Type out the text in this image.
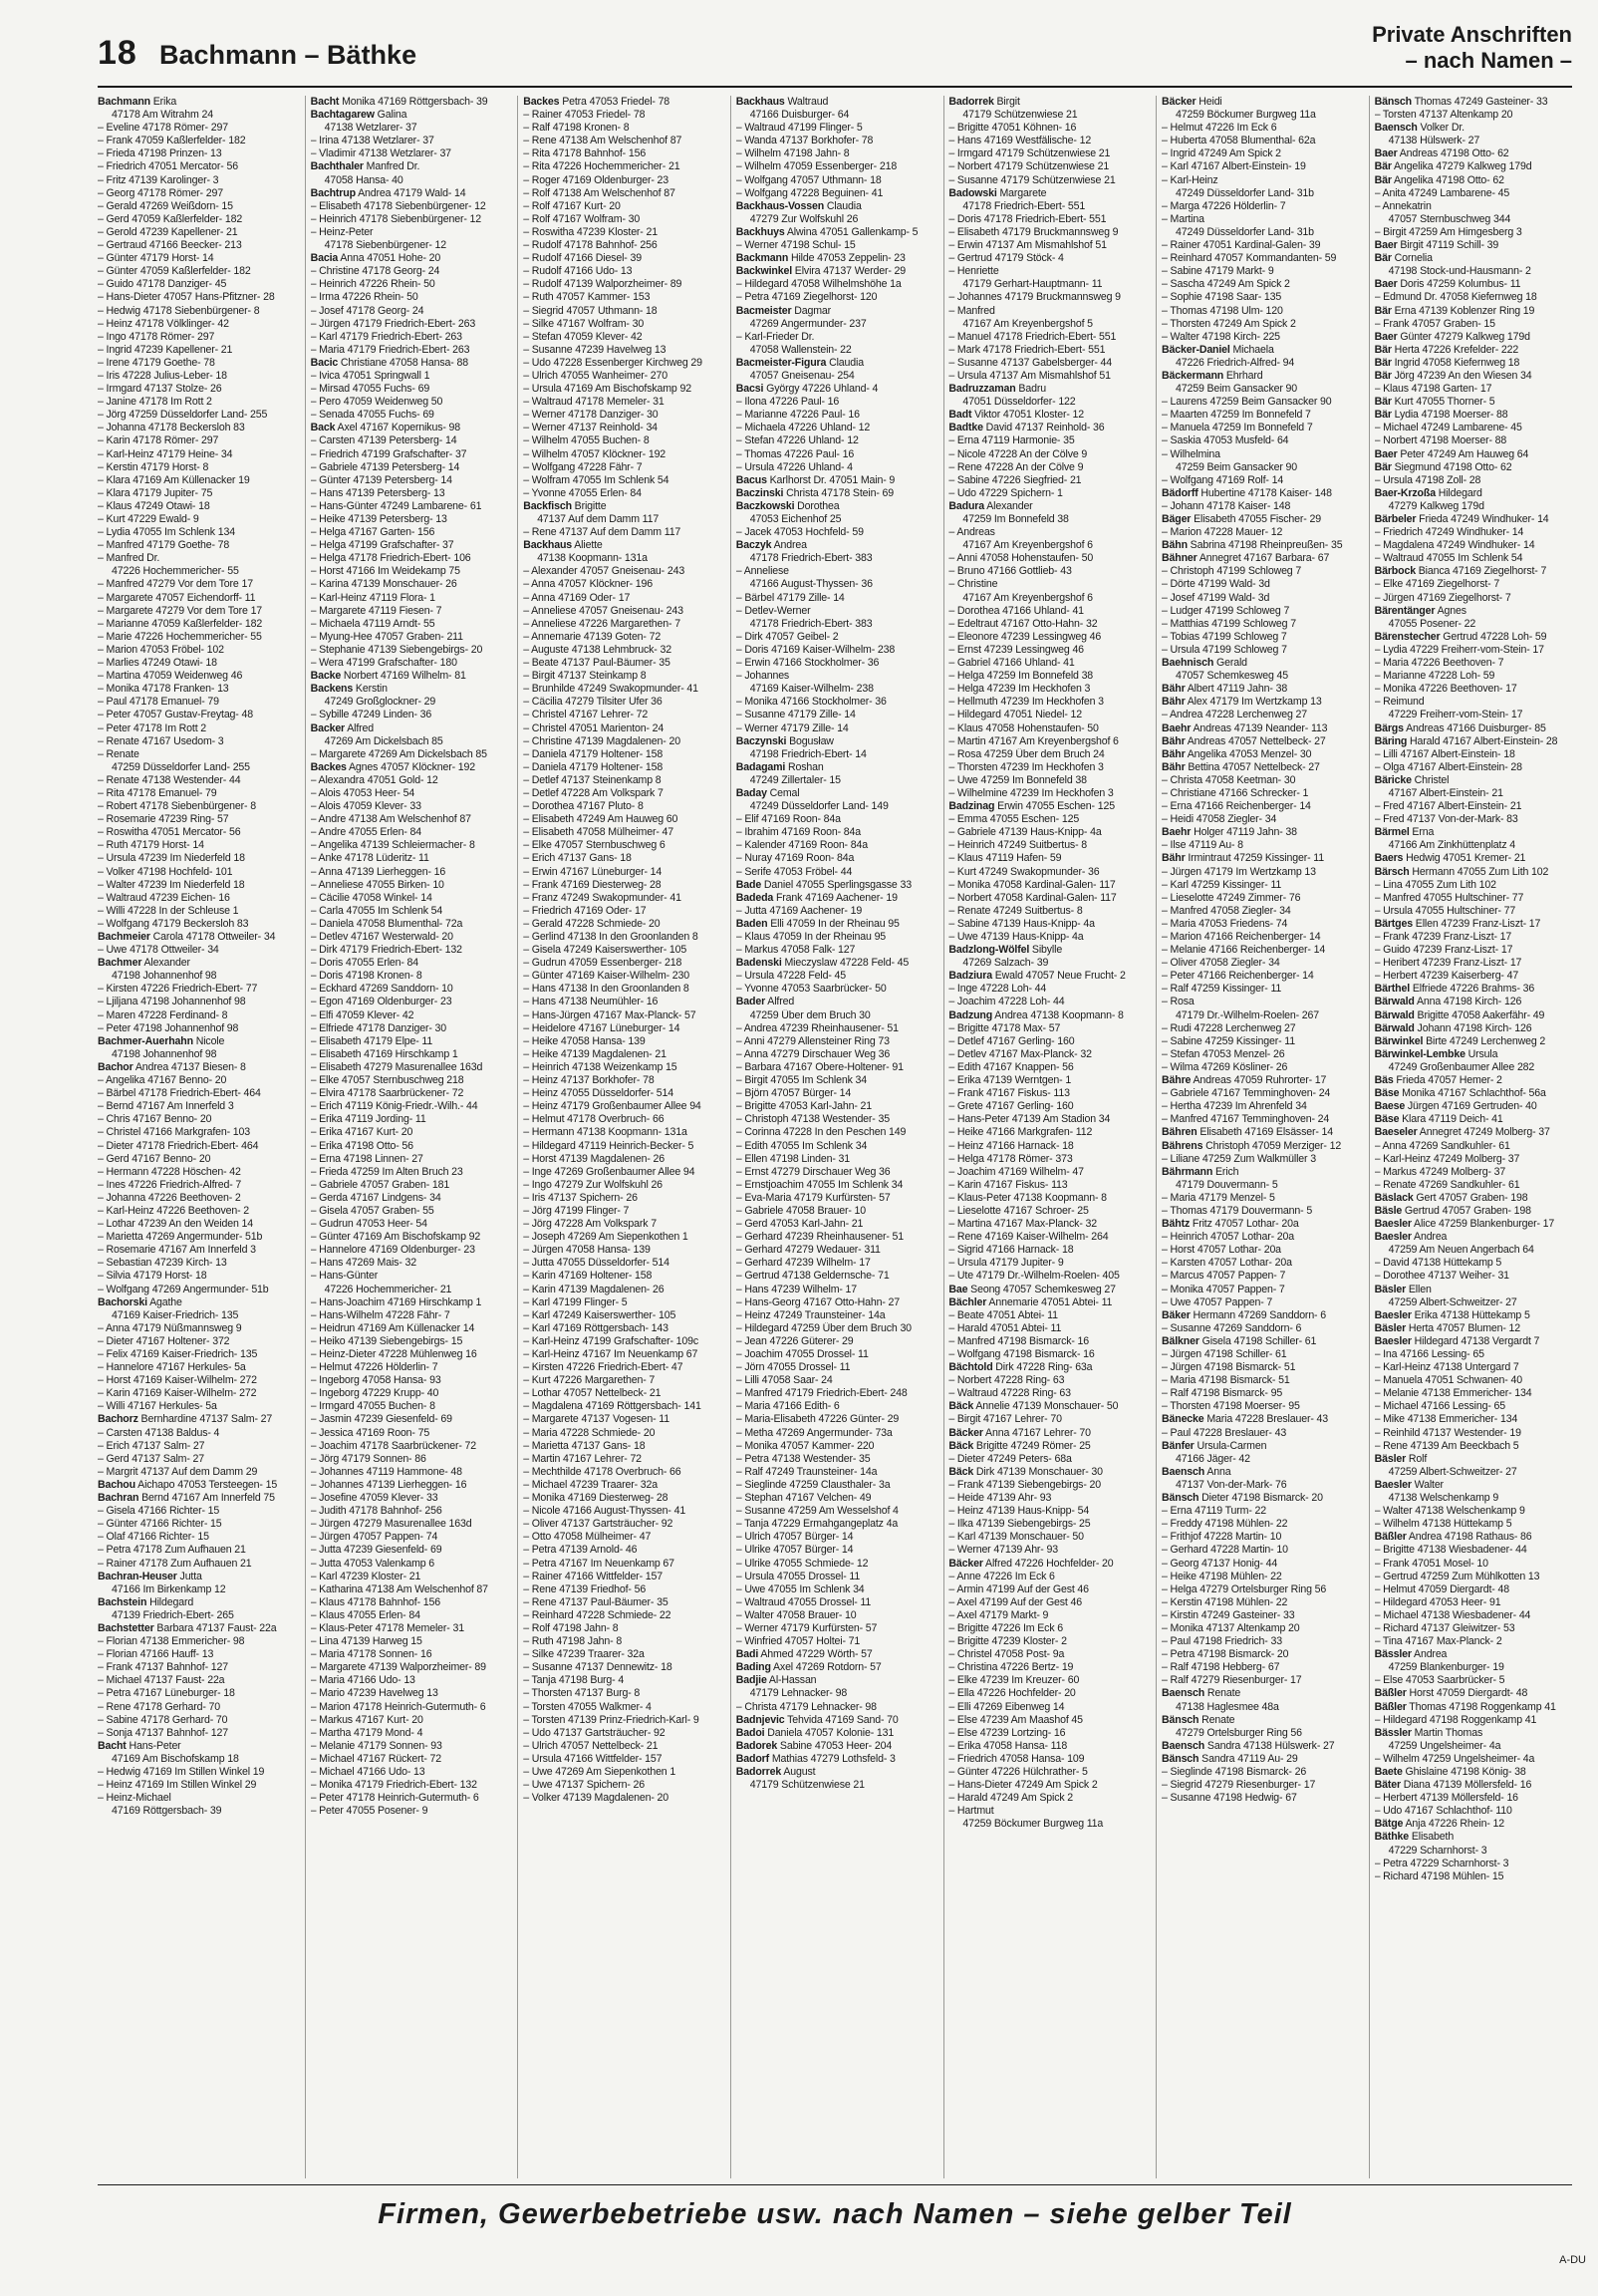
18 Bachmann – Bäthke
Private Anschriften
– nach Namen –
Bachmann Erika
47178 Am Witrahm 24
– Eveline 47178 Römer- 297
– Frank 47059 Kaßlerfelder- 182
– Frieda 47198 Prinzen- 13
– Friedrich 47051 Mercator- 56
– Fritz 47139 Karolinger- 3
– Georg 47178 Römer- 297
– Gerald 47269 Weißdorn- 15
– Gerd 47059 Kaßlerfelder- 182
– Gerold 47239 Kapellener- 21
– Gertraud 47166 Beecker- 213
– Günter 47179 Horst- 14
– Günter 47059 Kaßlerfelder- 182
– Guido 47178 Danziger- 45
– Hans-Dieter 47057 Hans-Pfitzner- 28
– Hedwig 47178 Siebenbürgener- 8
– Heinz 47178 Völklinger- 42
– Ingo 47178 Römer- 297
– Ingrid 47239 Kapellener- 21
– Irene 47179 Goethe- 78
– Iris 47228 Julius-Leber- 18
– Irmgard 47137 Stolze- 26
– Janine 47178 Im Rott 2
– Jörg 47259 Düsseldorfer Land- 255
– Johanna 47178 Beckersloh 83
– Karin 47178 Römer- 297
– Karl-Heinz 47179 Heine- 34
– Kerstin 47179 Horst- 8
– Klara 47169 Am Küllenacker 19
– Klara 47179 Jupiter- 75
– Klaus 47249 Otawi- 18
– Kurt 47229 Ewald- 9
– Lydia 47055 Im Schlenk 134
– Manfred 47179 Goethe- 78
– Manfred Dr.
47226 Hochemmericher- 55
– Manfred 47279 Vor dem Tore 17
– Margarete 47057 Eichendorff- 11
– Margarete 47279 Vor dem Tore 17
– Marianne 47059 Kaßlerfelder- 182
– Marie 47226 Hochemmericher- 55
– Marion 47053 Fröbel- 102
– Marlies 47249 Otawi- 18
– Martina 47059 Weidenweg 46
– Monika 47178 Franken- 13
– Paul 47178 Emanuel- 79
– Peter 47057 Gustav-Freytag- 48
– Peter 47178 Im Rott 2
– Renate 47167 Usedom- 3
– Renate
47259 Düsseldorfer Land- 255
– Renate 47138 Westender- 44
– Rita 47178 Emanuel- 79
– Robert 47178 Siebenbürgener- 8
– Rosemarie 47239 Ring- 57
– Roswitha 47051 Mercator- 56
– Ruth 47179 Horst- 14
– Ursula 47239 Im Niederfeld 18
– Volker 47198 Hochfeld- 101
– Walter 47239 Im Niederfeld 18
– Waltraud 47239 Eichen- 16
– Willi 47228 In der Schleuse 1
– Wolfgang 47179 Beckersloh 83
Bachmeier Carola 47178 Ottweiler- 34
– Uwe 47178 Ottweiler- 34
Bachmer Alexander
47198 Johannenhof 98
– Kirsten 47226 Friedrich-Ebert- 77
– Ljiljana 47198 Johannenhof 98
– Maren 47228 Ferdinand- 8
– Peter 47198 Johannenhof 98
Bachmer-Auerhahn Nicole
47198 Johannenhof 98
Bachor Andrea 47137 Biesen- 8
– Angelika 47167 Benno- 20
– Bärbel 47178 Friedrich-Ebert- 464
– Bernd 47167 Am Innerfeld 3
– Chris 47167 Benno- 20
– Christel 47166 Markgrafen- 103
– Dieter 47178 Friedrich-Ebert- 464
– Gerd 47167 Benno- 20
– Hermann 47228 Höschen- 42
– Ines 47226 Friedrich-Alfred- 7
– Johanna 47226 Beethoven- 2
– Karl-Heinz 47226 Beethoven- 2
– Lothar 47239 An den Weiden 14
– Marietta 47269 Angermunder- 51b
– Rosemarie 47167 Am Innerfeld 3
– Sebastian 47239 Kirch- 13
– Silvia 47179 Horst- 18
– Wolfgang 47269 Angermunder- 51b
Bachorski Agathe
47169 Kaiser-Friedrich- 135
– Anna 47179 Nüßmannsweg 9
– Dieter 47167 Holtener- 372
– Felix 47169 Kaiser-Friedrich- 135
– Hannelore 47167 Herkules- 5a
– Horst 47169 Kaiser-Wilhelm- 272
– Karin 47169 Kaiser-Wilhelm- 272
– Willi 47167 Herkules- 5a
Bachorz Bernhardine 47137 Salm- 27
– Carsten 47138 Baldus- 4
– Erich 47137 Salm- 27
– Gerd 47137 Salm- 27
– Margrit 47137 Auf dem Damm 29
Bachou Aichapo 47053 Tersteegen- 15
Bachran Bernd 47167 Am Innerfeld 75
– Gisela 47166 Richter- 15
– Günter 47166 Richter- 15
– Olaf 47166 Richter- 15
– Petra 47178 Zum Aufhauen 21
– Rainer 47178 Zum Aufhauen 21
Bachran-Heuser Jutta
47166 Im Birkenkamp 12
Bachstein Hildegard
47139 Friedrich-Ebert- 265
Bachstetter Barbara 47137 Faust- 22a
– Florian 47138 Emmericher- 98
– Florian 47166 Hauff- 13
– Frank 47137 Bahnhof- 127
– Michael 47137 Faust- 22a
– Petra 47167 Lüneburger- 18
– Rene 47178 Gerhard- 70
– Sabine 47178 Gerhard- 70
– Sonja 47137 Bahnhof- 127
Bacht Hans-Peter
47169 Am Bischofskamp 18
– Hedwig 47169 Im Stillen Winkel 19
– Heinz 47169 Im Stillen Winkel 29
– Heinz-Michael
47169 Röttgersbach- 39
Bacht Monika 47169 Röttgersbach- 39
Bachtagarew Galina
47138 Wetzlarer- 37
– Irina 47138 Wetzlarer- 37
– Vladimir 47138 Wetzlarer- 37
Bachthaler Manfred Dr.
47058 Hansa- 40
Bachtrup Andrea 47179 Wald- 14
– Elisabeth 47178 Siebenbürgener- 12
– Heinrich 47178 Siebenbürgener- 12
– Heinz-Peter
47178 Siebenbürgener- 12
Bacia Anna 47051 Hohe- 20
– Christine 47178 Georg- 24
– Heinrich 47226 Rhein- 50
– Irma 47226 Rhein- 50
– Josef 47178 Georg- 24
– Jürgen 47179 Friedrich-Ebert- 263
– Karl 47179 Friedrich-Ebert- 263
– Maria 47179 Friedrich-Ebert- 263
Bacic Christiane 47058 Hansa- 88
– Ivica 47051 Springwall 1
– Mirsad 47055 Fuchs- 69
– Pero 47059 Weidenweg 50
– Senada 47055 Fuchs- 69
Back Axel 47167 Kopernikus- 98
– Carsten 47139 Petersberg- 14
– Friedrich 47199 Grafschafter- 37
– Gabriele 47139 Petersberg- 14
– Günter 47139 Petersberg- 14
– Hans 47139 Petersberg- 13
– Hans-Günter 47249 Lambarene- 61
– Heike 47139 Petersberg- 13
– Helga 47167 Garten- 156
– Helga 47199 Grafschafter- 37
– Helga 47178 Friedrich-Ebert- 106
– Horst 47166 Im Weidekamp 75
– Karina 47139 Monschauer- 26
– Karl-Heinz 47119 Flora- 1
– Margarete 47119 Fiesen- 7
– Michaela 47119 Arndt- 55
– Myung-Hee 47057 Graben- 211
– Stephanie 47139 Siebengebirgs- 20
– Wera 47199 Grafschafter- 180
Backe Norbert 47169 Wilhelm- 81
Backens Kerstin
47249 Großglockner- 29
– Sybille 47249 Linden- 36
Backer Alfred
47269 Am Dickelsbach 85
– Margarete 47269 Am Dickelsbach 85
Backes Agnes 47057 Klöckner- 192
– Alexandra 47051 Gold- 12
– Alois 47053 Heer- 54
– Alois 47059 Klever- 33
– Andre 47138 Am Welschenhof 87
– Andre 47055 Erlen- 84
– Angelika 47139 Schleiermacher- 8
– Anke 47178 Lüderitz- 11
– Anna 47139 Lierheggen- 16
– Anneliese 47055 Birken- 10
– Cäcilie 47058 Winkel- 14
– Carla 47055 Im Schlenk 54
– Daniela 47058 Blumenthal- 72a
– Detlev 47167 Westerwald- 20
– Dirk 47179 Friedrich-Ebert- 132
– Doris 47055 Erlen- 84
– Doris 47198 Kronen- 8
– Eckhard 47269 Sanddorn- 10
– Egon 47169 Oldenburger- 23
– Elfi 47059 Klever- 42
– Elfriede 47178 Danziger- 30
– Elisabeth 47179 Elpe- 11
– Elisabeth 47169 Hirschkamp 1
– Elisabeth 47279 Masurenallee 163d
– Elke 47057 Sternbuschweg 218
– Elvira 47178 Saarbrückener- 72
– Erich 47119 König-Friedr.-Wilh.- 44
– Erika 47119 Jording- 11
– Erika 47167 Kurt- 20
– Erika 47198 Otto- 56
– Erna 47198 Linnen- 27
– Frieda 47259 Im Alten Bruch 23
– Gabriele 47057 Graben- 181
– Gerda 47167 Lindgens- 34
– Gisela 47057 Graben- 55
– Gudrun 47053 Heer- 54
– Günter 47169 Am Bischofskamp 92
– Hannelore 47169 Oldenburger- 23
– Hans 47269 Mais- 32
– Hans-Günter
47226 Hochemmericher- 21
– Hans-Joachim 47169 Hirschkamp 1
– Hans-Wilhelm 47228 Fähr- 7
– Heidrun 47169 Am Küllenacker 14
– Heiko 47139 Siebengebirgs- 15
– Heinz-Dieter 47228 Mühlenweg 16
– Helmut 47226 Hölderlin- 7
– Ingeborg 47058 Hansa- 93
– Ingeborg 47229 Krupp- 40
– Irmgard 47055 Buchen- 8
– Jasmin 47239 Giesenfeld- 69
– Jessica 47169 Roon- 75
– Joachim 47178 Saarbrückener- 72
– Jörg 47179 Sonnen- 86
– Johannes 47119 Hammone- 48
– Johannes 47139 Lierheggen- 16
– Josefine 47059 Klever- 33
– Judith 47178 Bahnhof- 256
– Jürgen 47279 Masurenallee 163d
– Jürgen 47057 Pappen- 74
– Jutta 47239 Giesenfeld- 69
– Jutta 47053 Valenkamp 6
– Karl 47239 Kloster- 21
– Katharina 47138 Am Welschenhof 87
– Klaus 47178 Bahnhof- 156
– Klaus 47055 Erlen- 84
– Klaus-Peter 47178 Memeler- 31
– Lina 47139 Harweg 15
– Maria 47178 Sonnen- 16
– Margarete 47139 Walporzheimer- 89
– Maria 47166 Udo- 13
– Mario 47239 Havelweg 13
– Marion 47178 Heinrich-Gutermuth- 6
– Markus 47167 Kurt- 20
– Martha 47179 Mond- 4
– Melanie 47179 Sonnen- 93
– Michael 47167 Rückert- 72
– Michael 47166 Udo- 13
– Monika 47179 Friedrich-Ebert- 132
– Peter 47178 Heinrich-Gutermuth- 6
– Peter 47055 Posener- 9
Backes Petra 47053 Friedel- 78
– Rainer 47053 Friedel- 78
– Ralf 47198 Kronen- 8
– Rene 47138 Am Welschenhof 87
– Rita 47178 Bahnhof- 156
– Rita 47226 Hochemmericher- 21
– Roger 47169 Oldenburger- 23
– Rolf 47138 Am Welschenhof 87
– Rolf 47167 Kurt- 20
– Rolf 47167 Wolfram- 30
– Roswitha 47239 Kloster- 21
– Rudolf 47178 Bahnhof- 256
– Rudolf 47166 Diesel- 39
– Rudolf 47166 Udo- 13
– Rudolf 47139 Walporzheimer- 89
– Ruth 47057 Kammer- 153
– Siegrid 47057 Uthmann- 18
– Silke 47167 Wolfram- 30
– Stefan 47059 Klever- 42
– Susanne 47239 Havelweg 13
– Udo 47228 Essenberger Kirchweg 29
– Ulrich 47055 Wanheimer- 270
– Ursula 47169 Am Bischofskamp 92
– Waltraud 47178 Memeler- 31
– Werner 47178 Danziger- 30
– Werner 47137 Reinhold- 34
– Wilhelm 47055 Buchen- 8
– Wilhelm 47057 Klöckner- 192
– Wolfgang 47228 Fähr- 7
– Wolfram 47055 Im Schlenk 54
– Yvonne 47055 Erlen- 84
Backfisch Brigitte
47137 Auf dem Damm 117
– Rene 47137 Auf dem Damm 117
Backhaus Aliette
47138 Koopmann- 131a
– Alexander 47057 Gneisenau- 243
– Anna 47057 Klöckner- 196
– Anna 47169 Oder- 17
– Anneliese 47057 Gneisenau- 243
– Anneliese 47226 Margarethen- 7
– Annemarie 47139 Goten- 72
– Auguste 47138 Lehmbruck- 32
– Beate 47137 Paul-Bäumer- 35
– Birgit 47137 Steinkamp 8
– Brunhilde 47249 Swakopmunder- 41
– Cäcilia 47279 Tilsiter Ufer 36
– Christel 47167 Lehrer- 72
– Christel 47051 Marienton- 24
– Christine 47139 Magdalenen- 20
– Daniela 47179 Holtener- 158
– Daniela 47179 Holtener- 158
– Detlef 47137 Steinenkamp 8
– Detlef 47228 Am Volkspark 7
– Dorothea 47167 Pluto- 8
– Elisabeth 47249 Am Hauweg 60
– Elisabeth 47058 Mülheimer- 47
– Elke 47057 Sternbuschweg 6
– Erich 47137 Gans- 18
– Erwin 47167 Lüneburger- 14
– Frank 47169 Diesterweg- 28
– Franz 47249 Swakopmunder- 41
– Friedrich 47169 Oder- 17
– Gerald 47228 Schmiede- 20
– Gerlind 47138 In den Groonlanden 8
– Gisela 47249 Kaiserswerther- 105
– Gudrun 47059 Essenberger- 218
– Günter 47169 Kaiser-Wilhelm- 230
– Hans 47138 In den Groonlanden 8
– Hans 47138 Neumühler- 16
– Hans-Jürgen 47167 Max-Planck- 57
– Heidelore 47167 Lüneburger- 14
– Heike 47058 Hansa- 139
– Heike 47139 Magdalenen- 21
– Heinrich 47138 Weizenkamp 15
– Heinz 47137 Borkhofer- 78
– Heinz 47055 Düsseldorfer- 514
– Heinz 47179 Großenbaumer Allee 94
– Helmut 47178 Overbruch- 66
– Hermann 47138 Koopmann- 131a
– Hildegard 47119 Heinrich-Becker- 5
– Horst 47139 Magdalenen- 26
– Inge 47269 Großenbaumer Allee 94
– Ingo 47279 Zur Wolfskuhl 26
– Iris 47137 Spichern- 26
– Jörg 47199 Flinger- 7
– Jörg 47228 Am Volkspark 7
– Joseph 47269 Am Siepenkothen 1
– Jürgen 47058 Hansa- 139
– Jutta 47055 Düsseldorfer- 514
– Karin 47169 Holtener- 158
– Karin 47139 Magdalenen- 26
– Karl 47199 Flinger- 5
– Karl 47249 Kaiserswerther- 105
– Karl 47169 Röttgersbach- 143
– Karl-Heinz 47199 Grafschafter- 109c
– Karl-Heinz 47167 Im Neuenkamp 67
– Kirsten 47226 Friedrich-Ebert- 47
– Kurt 47226 Margarethen- 7
– Lothar 47057 Nettelbeck- 21
– Magdalena 47169 Röttgersbach- 141
– Margarete 47137 Vogesen- 11
– Maria 47228 Schmiede- 20
– Marietta 47137 Gans- 18
– Martin 47167 Lehrer- 72
– Mechthilde 47178 Overbruch- 66
– Michael 47239 Traarer- 32a
– Monika 47169 Diesterweg- 28
– Nicole 47166 August-Thyssen- 41
– Oliver 47137 Gartsträucher- 92
– Otto 47058 Mülheimer- 47
– Petra 47139 Arnold- 46
– Petra 47167 Im Neuenkamp 67
– Rainer 47166 Wittfelder- 157
– Rene 47139 Friedhof- 56
– Rene 47137 Paul-Bäumer- 35
– Reinhard 47228 Schmiede- 22
– Rolf 47198 Jahn- 8
– Ruth 47198 Jahn- 8
– Silke 47239 Traarer- 32a
– Susanne 47137 Dennewitz- 18
– Tanja 47198 Burg- 4
– Thorsten 47137 Burg- 8
– Torsten 47055 Walkmer- 4
– Torsten 47139 Prinz-Friedrich-Karl- 9
– Udo 47137 Gartsträucher- 92
– Ulrich 47057 Nettelbeck- 21
– Ursula 47166 Wittfelder- 157
– Uwe 47269 Am Siepenkothen 1
– Uwe 47137 Spichern- 26
– Volker 47139 Magdalenen- 20
Backhaus Waltraud
47166 Duisburger- 64
– Waltraud 47199 Flinger- 5
– Wanda 47137 Borkhofer- 78
– Wilhelm 47198 Jahn- 8
– Wilhelm 47059 Essenberger- 218
– Wolfgang 47057 Uthmann- 18
– Wolfgang 47228 Beguinen- 41
Backhaus-Vossen Claudia
47279 Zur Wolfskuhl 26
Backhuys Alwina 47051 Gallenkamp- 5
– Werner 47198 Schul- 15
Backmann Hilde 47053 Zeppelin- 23
Backwinkel Elvira 47137 Werder- 29
– Hildegard 47058 Wilhelmshöhe 1a
– Petra 47169 Ziegelhorst- 120
Bacmeister Dagmar
47269 Angermunder- 237
– Karl-Frieder Dr.
47058 Wallenstein- 22
Bacmeister-Figura Claudia
47057 Gneisenau- 254
Bacsi György 47226 Uhland- 4
– Ilona 47226 Paul- 16
– Marianne 47226 Paul- 16
– Michaela 47226 Uhland- 12
– Stefan 47226 Uhland- 12
– Thomas 47226 Paul- 16
– Ursula 47226 Uhland- 4
Bacus Karlhorst Dr. 47051 Main- 9
Baczinski Christa 47178 Stein- 69
Baczkowski Dorothea
47053 Eichenhof 25
– Jacek 47053 Hochfeld- 59
Baczyk Andrea
47178 Friedrich-Ebert- 383
– Anneliese
47166 August-Thyssen- 36
– Bärbel 47179 Zille- 14
– Detlev-Werner
47178 Friedrich-Ebert- 383
– Dirk 47057 Geibel- 2
– Doris 47169 Kaiser-Wilhelm- 238
– Erwin 47166 Stockholmer- 36
– Johannes
47169 Kaiser-Wilhelm- 238
– Monika 47166 Stockholmer- 36
– Susanne 47179 Zille- 14
– Werner 47179 Zille- 14
Baczynski Bogusław
47198 Friedrich-Ebert- 14
Badagami Roshan
47249 Zillertaler- 15
Baday Cemal
47249 Düsseldorfer Land- 149
– Elif 47169 Roon- 84a
– Ibrahim 47169 Roon- 84a
– Kalender 47169 Roon- 84a
– Nuray 47169 Roon- 84a
– Serife 47053 Fröbel- 44
Bade Daniel 47055 Sperlingsgasse 33
Badeda Frank 47169 Aachener- 19
– Jutta 47169 Aachener- 19
Baden Elli 47059 In der Rheinau 95
– Klaus 47059 In der Rheinau 95
– Markus 47058 Falk- 127
Badenski Mieczyslaw 47228 Feld- 45
– Ursula 47228 Feld- 45
– Yvonne 47053 Saarbrücker- 50
Bader Alfred
47259 Über dem Bruch 30
– Andrea 47239 Rheinhausener- 51
– Anni 47279 Allensteiner Ring 73
– Anna 47279 Dirschauer Weg 36
– Barbara 47167 Obere-Holtener- 91
– Birgit 47055 Im Schlenk 34
– Björn 47057 Bürger- 14
– Brigitte 47053 Karl-Jahn- 21
– Christoph 47138 Westender- 35
– Corinna 47228 In den Peschen 149
– Edith 47055 Im Schlenk 34
– Ellen 47198 Linden- 31
– Ernst 47279 Dirschauer Weg 36
– Ernstjoachim 47055 Im Schlenk 34
– Eva-Maria 47179 Kurfürsten- 57
– Gabriele 47058 Brauer- 10
– Gerd 47053 Karl-Jahn- 21
– Gerhard 47239 Rheinhausener- 51
– Gerhard 47279 Wedauer- 311
– Gerhard 47239 Wilhelm- 17
– Gertrud 47138 Geldernsche- 71
– Hans 47239 Wilhelm- 17
– Hans-Georg 47167 Otto-Hahn- 27
– Heinz 47249 Traunsteiner- 14a
– Hildegard 47259 Über dem Bruch 30
– Jean 47226 Güterer- 29
– Joachim 47055 Drossel- 11
– Jörn 47055 Drossel- 11
– Lilli 47058 Saar- 24
– Manfred 47179 Friedrich-Ebert- 248
– Maria 47166 Edith- 6
– Maria-Elisabeth 47226 Günter- 29
– Metha 47269 Angermunder- 73a
– Monika 47057 Kammer- 220
– Petra 47138 Westender- 35
– Ralf 47249 Traunsteiner- 14a
– Sieglinde 47259 Clausthaler- 3a
– Stephan 47167 Velchen- 49
– Susanne 47259 Am Wesselshof 4
– Tanja 47229 Ermahgangeplatz 4a
– Ulrich 47057 Bürger- 14
– Ulrike 47057 Bürger- 14
– Ulrike 47055 Schmiede- 12
– Ursula 47055 Drossel- 11
– Uwe 47055 Im Schlenk 34
– Waltraud 47055 Drossel- 11
– Walter 47058 Brauer- 10
– Werner 47179 Kurfürsten- 57
– Winfried 47057 Holtei- 71
Badi Ahmed 47229 Wörth- 57
Bading Axel 47269 Rotdorn- 57
Badjie Al-Hassan
47179 Lehnacker- 98
– Christa 47179 Lehnacker- 98
Badnjevic Tehvida 47169 Sand- 70
Badoi Daniela 47057 Kolonie- 131
Badorek Sabine 47053 Heer- 204
Badorf Mathias 47279 Lothsfeld- 3
Badorrek August
47179 Schützenwiese 21
Badorrek Birgit
47179 Schützenwiese 21
– Brigitte 47051 Köhnen- 16
– Hans 47169 Westfälische- 12
– Irmgard 47179 Schützenwiese 21
– Norbert 47179 Schützenwiese 21
– Susanne 47179 Schützenwiese 21
Badowski Margarete
47178 Friedrich-Ebert- 551
– Doris 47178 Friedrich-Ebert- 551
– Elisabeth 47179 Bruckmannsweg 9
– Erwin 47137 Am Mismahlshof 51
– Gertrud 47179 Stöck- 4
– Henriette
47179 Gerhart-Hauptmann- 11
– Johannes 47179 Bruckmannsweg 9
– Manfred
47167 Am Kreyenbergshof 5
– Manuel 47178 Friedrich-Ebert- 551
– Mark 47178 Friedrich-Ebert- 551
– Susanne 47137 Gabelsberger- 44
– Ursula 47137 Am Mismahlshof 51
Badruzzaman Badru
47051 Düsseldorfer- 122
Badt Viktor 47051 Kloster- 12
Badtke David 47137 Reinhold- 36
– Erna 47119 Harmonie- 35
– Nicole 47228 An der Cölve 9
– Rene 47228 An der Cölve 9
– Sabine 47226 Siegfried- 21
– Udo 47229 Spichern- 1
Badura Alexander
47259 Im Bonnefeld 38
– Andreas
47167 Am Kreyenbergshof 6
– Anni 47058 Hohenstaufen- 50
– Bruno 47166 Gottlieb- 43
– Christine
47167 Am Kreyenbergshof 6
– Dorothea 47166 Uhland- 41
– Edeltraut 47167 Otto-Hahn- 32
– Eleonore 47239 Lessingweg 46
– Ernst 47239 Lessingweg 46
– Gabriel 47166 Uhland- 41
– Helga 47259 Im Bonnefeld 38
– Helga 47239 Im Heckhofen 3
– Hellmuth 47239 Im Heckhofen 3
– Hildegard 47051 Niedel- 12
– Klaus 47058 Hohenstaufen- 50
– Martin 47167 Am Kreyenbergshof 6
– Rosa 47259 Über dem Bruch 24
– Thorsten 47239 Im Heckhofen 3
– Uwe 47259 Im Bonnefeld 38
– Wilhelmine 47239 Im Heckhofen 3
Badzinag Erwin 47055 Eschen- 125
– Emma 47055 Eschen- 125
– Gabriele 47139 Haus-Knipp- 4a
– Heinrich 47249 Suitbertus- 8
– Klaus 47119 Hafen- 59
– Kurt 47249 Swakopmunder- 36
– Monika 47058 Kardinal-Galen- 117
– Norbert 47058 Kardinal-Galen- 117
– Renate 47249 Suitbertus- 8
– Sabine 47139 Haus-Knipp- 4a
– Uwe 47139 Haus-Knipp- 4a
Badzlong-Wölfel Sibylle
47269 Salzach- 39
Badziura Ewald 47057 Neue Frucht- 2
– Inge 47228 Loh- 44
– Joachim 47228 Loh- 44
Badzung Andrea 47138 Koopmann- 8
– Brigitte 47178 Max- 57
– Detlef 47167 Gerling- 160
– Detlev 47167 Max-Planck- 32
– Edith 47167 Knappen- 56
– Erika 47139 Werntgen- 1
– Frank 47167 Fiskus- 113
– Grete 47167 Gerling- 160
– Hans-Peter 47139 Am Stadion 34
– Heike 47166 Markgrafen- 112
– Heinz 47166 Harnack- 18
– Helga 47178 Römer- 373
– Joachim 47169 Wilhelm- 47
– Karin 47167 Fiskus- 113
– Klaus-Peter 47138 Koopmann- 8
– Lieselotte 47167 Schroer- 25
– Martina 47167 Max-Planck- 32
– Rene 47169 Kaiser-Wilhelm- 264
– Sigrid 47166 Harnack- 18
– Ursula 47179 Jupiter- 9
– Ute 47179 Dr.-Wilhelm-Roelen- 405
Bae Seong 47057 Schemkesweg 27
Bächler Annemarie 47051 Abtei- 11
– Beate 47051 Abtei- 11
– Harald 47051 Abtei- 11
– Manfred 47198 Bismarck- 16
– Wolfgang 47198 Bismarck- 16
Bächtold Dirk 47228 Ring- 63a
– Norbert 47228 Ring- 63
– Waltraud 47228 Ring- 63
Bäck Annelie 47139 Monschauer- 50
– Birgit 47167 Lehrer- 70
Bäcker Anna 47167 Lehrer- 70
Bäck Brigitte 47249 Römer- 25
– Dieter 47249 Peters- 68a
Bäck Dirk 47139 Monschauer- 30
– Frank 47139 Siebengebirgs- 20
– Heide 47139 Ahr- 93
– Heinz 47139 Haus-Knipp- 54
– Ilka 47139 Siebengebirgs- 25
– Karl 47139 Monschauer- 50
– Werner 47139 Ahr- 93
Bäcker Alfred 47226 Hochfelder- 20
– Anne 47226 Im Eck 6
– Armin 47199 Auf der Gest 46
– Axel 47199 Auf der Gest 46
– Axel 47179 Markt- 9
– Brigitte 47226 Im Eck 6
– Brigitte 47239 Kloster- 2
– Christel 47058 Post- 9a
– Christina 47226 Bertz- 19
– Elke 47239 Im Kreuzer- 60
– Ella 47226 Hochfelder- 20
– Elli 47269 Eibenweg 14
– Else 47239 Am Maashof 45
– Else 47239 Lortzing- 16
– Erika 47058 Hansa- 118
– Friedrich 47058 Hansa- 109
– Günter 47226 Hülchrather- 5
– Hans-Dieter 47249 Am Spick 2
– Harald 47249 Am Spick 2
– Hartmut
47259 Böckumer Burgweg 11a
Bäcker Heidi
47259 Böckumer Burgweg 11a
– Helmut 47226 Im Eck 6
– Huberta 47058 Blumenthal- 62a
– Ingrid 47249 Am Spick 2
– Karl 47167 Albert-Einstein- 19
– Karl-Heinz
47249 Düsseldorfer Land- 31b
– Marga 47226 Hölderlin- 7
– Martina
47249 Düsseldorfer Land- 31b
– Rainer 47051 Kardinal-Galen- 39
– Reinhard 47057 Kommandanten- 59
– Sabine 47179 Markt- 9
– Sascha 47249 Am Spick 2
– Sophie 47198 Saar- 135
– Thomas 47198 Ulm- 120
– Thorsten 47249 Am Spick 2
– Walter 47198 Kirch- 225
Bäcker-Daniel Michaela
47226 Friedrich-Alfred- 94
Bäckermann Ehrhard
47259 Beim Gansacker 90
– Laurens 47259 Beim Gansacker 90
– Maarten 47259 Im Bonnefeld 7
– Manuela 47259 Im Bonnefeld 7
– Saskia 47053 Musfeld- 64
– Wilhelmina
47259 Beim Gansacker 90
– Wolfgang 47169 Rolf- 14
Bädorff Hubertine 47178 Kaiser- 148
– Johann 47178 Kaiser- 148
Bäger Elisabeth 47055 Fischer- 29
– Marion 47228 Mauer- 12
Bähn Sabrina 47198 Rheinpreußen- 35
Bähner Annegret 47167 Barbara- 67
– Christoph 47199 Schloweg 7
– Dörte 47199 Wald- 3d
– Josef 47199 Wald- 3d
– Ludger 47199 Schloweg 7
– Matthias 47199 Schloweg 7
– Tobias 47199 Schloweg 7
– Ursula 47199 Schloweg 7
Baehnisch Gerald
47057 Schemkesweg 45
Bähr Albert 47119 Jahn- 38
Bähr Alex 47179 Im Wertzkamp 13
– Andrea 47228 Lerchenweg 27
Baehr Andreas 47139 Neander- 113
Bähr Andreas 47057 Nettelbeck- 27
Bähr Angelika 47053 Menzel- 30
Bähr Bettina 47057 Nettelbeck- 27
– Christa 47058 Keetman- 30
– Christiane 47166 Schrecker- 1
– Erna 47166 Reichenberger- 14
– Heidi 47058 Ziegler- 34
Baehr Holger 47119 Jahn- 38
– Ilse 47119 Au- 8
Bähr Irmintraut 47259 Kissinger- 11
– Jürgen 47179 Im Wertzkamp 13
– Karl 47259 Kissinger- 11
– Lieselotte 47249 Zimmer- 76
– Manfred 47058 Ziegler- 34
– Maria 47053 Friedens- 74
– Marion 47166 Reichenberger- 14
– Melanie 47166 Reichenberger- 14
– Oliver 47058 Ziegler- 34
– Peter 47166 Reichenberger- 14
– Ralf 47259 Kissinger- 11
– Rosa
47179 Dr.-Wilhelm-Roelen- 267
– Rudi 47228 Lerchenweg 27
– Sabine 47259 Kissinger- 11
– Stefan 47053 Menzel- 26
– Wilma 47269 Kösliner- 26
Bähre Andreas 47059 Ruhrorter- 17
– Gabriele 47167 Temminghoven- 24
– Hertha 47239 Im Ahrenfeld 34
– Manfred 47167 Temminghoven- 24
Bähren Elisabeth 47169 Elsässer- 14
Bährens Christoph 47059 Merziger- 12
– Liliane 47259 Zum Walkmüller 3
Bährmann Erich
47179 Douvermann- 5
– Maria 47179 Menzel- 5
– Thomas 47179 Douvermann- 5
Bähtz Fritz 47057 Lothar- 20a
– Heinrich 47057 Lothar- 20a
– Horst 47057 Lothar- 20a
– Karsten 47057 Lothar- 20a
– Marcus 47057 Pappen- 7
– Monika 47057 Pappen- 7
– Uwe 47057 Pappen- 7
Bäker Hermann 47269 Sanddorn- 6
– Susanne 47269 Sanddorn- 6
Bälkner Gisela 47198 Schiller- 61
– Jürgen 47198 Schiller- 61
– Jürgen 47198 Bismarck- 51
– Maria 47198 Bismarck- 51
– Ralf 47198 Bismarck- 95
– Thorsten 47198 Moerser- 95
Bänecke Maria 47228 Breslauer- 43
– Paul 47228 Breslauer- 43
Bänfer Ursula-Carmen
47166 Jäger- 42
Baensch Anna
47137 Von-der-Mark- 76
Bänsch Dieter 47198 Bismarck- 20
– Erna 47119 Turm- 22
– Freddy 47198 Mühlen- 22
– Frithjof 47228 Martin- 10
– Gerhard 47228 Martin- 10
– Georg 47137 Honig- 44
– Heike 47198 Mühlen- 22
– Helga 47279 Ortelsburger Ring 56
– Kerstin 47198 Mühlen- 22
– Kirstin 47249 Gasteiner- 33
– Monika 47137 Altenkamp 20
– Paul 47198 Friedrich- 33
– Petra 47198 Bismarck- 20
– Ralf 47198 Hebberg- 67
– Ralf 47279 Riesenburger- 17
Baensch Renate
47138 Haglesmee 48a
Bänsch Renate
47279 Ortelsburger Ring 56
Baensch Sandra 47138 Hülswerk- 27
Bänsch Sandra 47119 Au- 29
– Sieglinde 47198 Bismarck- 26
– Siegrid 47279 Riesenburger- 17
– Susanne 47198 Hedwig- 67
Bänsch Thomas 47249 Gasteiner- 33
– Torsten 47137 Altenkamp 20
Baensch Volker Dr.
47138 Hülswerk- 27
Baer Andreas 47198 Otto- 62
Bär Angelika 47279 Kalkweg 179d
Bär Angelika 47198 Otto- 62
– Anita 47249 Lambarene- 45
– Annekatrin
47057 Sternbuschweg 344
– Birgit 47259 Am Himgesberg 3
Baer Birgit 47119 Schill- 39
Bär Cornelia
47198 Stock-und-Hausmann- 2
Baer Doris 47259 Kolumbus- 11
– Edmund Dr. 47058 Kiefernweg 18
Bär Erna 47139 Koblenzer Ring 19
– Frank 47057 Graben- 15
Baer Günter 47279 Kalkweg 179d
Bär Herta 47226 Krefelder- 222
Bär Ingrid 47058 Kiefernweg 18
Bär Jörg 47239 An den Wiesen 34
– Klaus 47198 Garten- 17
Bär Kurt 47055 Thorner- 5
Bär Lydia 47198 Moerser- 88
– Michael 47249 Lambarene- 45
– Norbert 47198 Moerser- 88
Baer Peter 47249 Am Hauweg 64
Bär Siegmund 47198 Otto- 62
– Ursula 47198 Zoll- 28
Baer-Krzoßa Hildegard
47279 Kalkweg 179d
Bärbeler Frieda 47249 Windhuker- 14
– Friedrich 47249 Windhuker- 14
– Magdalena 47249 Windhuker- 14
– Waltraud 47055 Im Schlenk 54
Bärbock Bianca 47169 Ziegelhorst- 7
– Elke 47169 Ziegelhorst- 7
– Jürgen 47169 Ziegelhorst- 7
Bärentänger Agnes
47055 Posener- 22
Bärenstecher Gertrud 47228 Loh- 59
– Lydia 47229 Freiherr-vom-Stein- 17
– Maria 47226 Beethoven- 7
– Marianne 47228 Loh- 59
– Monika 47226 Beethoven- 17
– Reimund
47229 Freiherr-vom-Stein- 17
Bärgs Andreas 47166 Duisburger- 85
Bäring Harald 47167 Albert-Einstein- 28
– Lilli 47167 Albert-Einstein- 18
– Olga 47167 Albert-Einstein- 28
Bäricke Christel
47167 Albert-Einstein- 21
– Fred 47167 Albert-Einstein- 21
– Fred 47137 Von-der-Mark- 83
Bärmel Erna
47166 Am Zinkhüttenplatz 4
Baers Hedwig 47051 Kremer- 21
Bärsch Hermann 47055 Zum Lith 102
– Lina 47055 Zum Lith 102
– Manfred 47055 Hultschiner- 77
– Ursula 47055 Hultschiner- 77
Bärtges Ellen 47239 Franz-Liszt- 17
– Frank 47239 Franz-Liszt- 17
– Guido 47239 Franz-Liszt- 17
– Heribert 47239 Franz-Liszt- 17
– Herbert 47239 Kaiserberg- 47
Bärthel Elfriede 47226 Brahms- 36
Bärwald Anna 47198 Kirch- 126
Bärwald Brigitte 47058 Aakerfähr- 49
Bärwald Johann 47198 Kirch- 126
Bärwinkel Birte 47249 Lerchenweg 2
Bärwinkel-Lembke Ursula
47249 Großenbaumer Allee 282
Bäs Frieda 47057 Hemer- 2
Bäse Monika 47167 Schlachthof- 56a
Baese Jürgen 47169 Gertruden- 40
Bäse Klara 47119 Deich- 41
Baeseler Annegret 47249 Molberg- 37
– Anna 47269 Sandkuhler- 61
– Karl-Heinz 47249 Molberg- 37
– Markus 47249 Molberg- 37
– Renate 47269 Sandkuhler- 61
Bäslack Gert 47057 Graben- 198
Bäsle Gertrud 47057 Graben- 198
Baesler Alice 47259 Blankenburger- 17
Baesler Andrea
47259 Am Neuen Angerbach 64
– David 47138 Hüttekamp 5
– Dorothee 47137 Weiher- 31
Bäsler Ellen
47259 Albert-Schweitzer- 27
Baesler Erika 47138 Hüttekamp 5
Bäsler Herta 47057 Blumen- 12
Baesler Hildegard 47138 Vergardt 7
– Ina 47166 Lessing- 65
– Karl-Heinz 47138 Untergard 7
– Manuela 47051 Schwanen- 40
– Melanie 47138 Emmericher- 134
– Michael 47166 Lessing- 65
– Mike 47138 Emmericher- 134
– Reinhild 47137 Westender- 19
– Rene 47139 Am Beeckbach 5
Bäsler Rolf
47259 Albert-Schweitzer- 27
Baesler Walter
47138 Welschenkamp 9
– Walter 47138 Welschenkamp 9
– Wilhelm 47138 Hüttekamp 5
Bäßler Andrea 47198 Rathaus- 86
– Brigitte 47138 Wiesbadener- 44
– Frank 47051 Mosel- 10
– Gertrud 47259 Zum Mühlkotten 13
– Helmut 47059 Diergardt- 48
– Hildegard 47053 Heer- 91
– Michael 47138 Wiesbadener- 44
– Richard 47137 Gleiwitzer- 53
– Tina 47167 Max-Planck- 2
Bässler Andrea
47259 Blankenburger- 19
– Else 47053 Saarbrücker- 5
Bäßler Horst 47059 Diergardt- 48
Bäßler Thomas 47198 Roggenkamp 41
– Hildegard 47198 Roggenkamp 41
Bässler Martin Thomas
47259 Ungelsheimer- 4a
– Wilhelm 47259 Ungelsheimer- 4a
Baete Ghislaine 47198 König- 38
Bäter Diana 47139 Möllersfeld- 16
– Herbert 47139 Möllersfeld- 16
– Udo 47167 Schlachthof- 110
Bätge Anja 47226 Rhein- 12
Bäthke Elisabeth
47229 Scharnhorst- 3
– Petra 47229 Scharnhorst- 3
– Richard 47198 Mühlen- 15
Firmen, Gewerbebetriebe usw. nach Namen – siehe gelber Teil
A-DU
